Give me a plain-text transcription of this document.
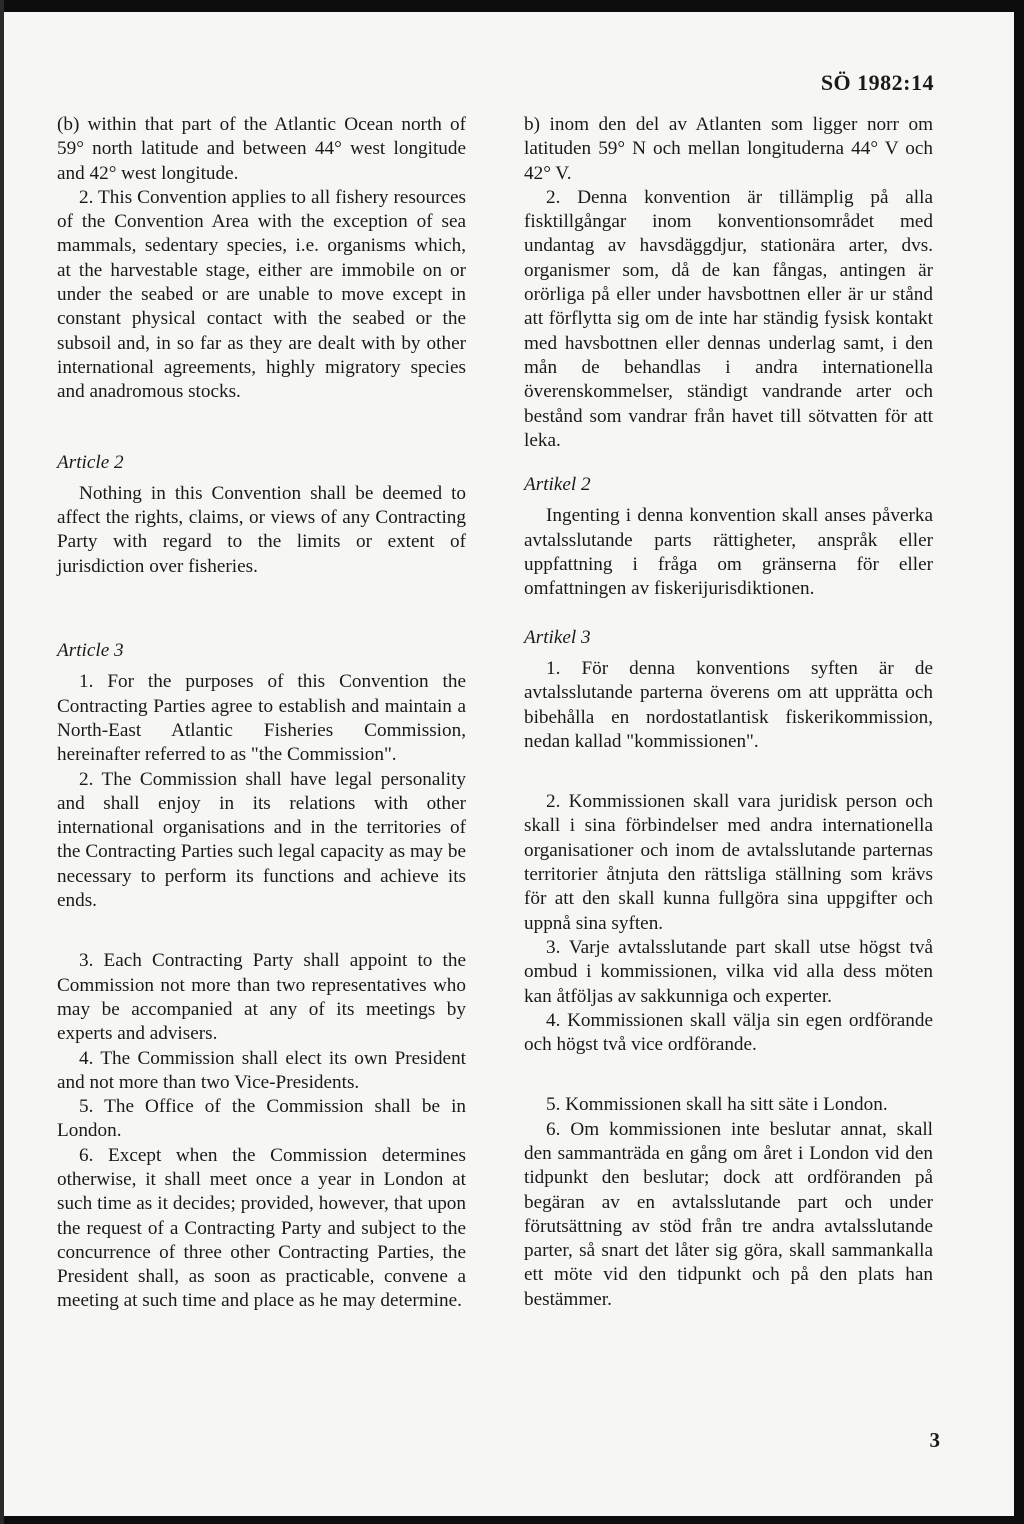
SÖ 1982:14

(b) within that part of the Atlantic Ocean north of 59° north latitude and between 44° west longitude and 42° west longitude.

2. This Convention applies to all fishery resources of the Convention Area with the exception of sea mammals, sedentary species, i.e. organisms which, at the harvestable stage, either are immobile on or under the seabed or are unable to move except in constant physical contact with the seabed or the subsoil and, in so far as they are dealt with by other international agreements, highly migratory species and anadromous stocks.

Article 2

Nothing in this Convention shall be deemed to affect the rights, claims, or views of any Contracting Party with regard to the limits or extent of jurisdiction over fisheries.

Article 3

1. For the purposes of this Convention the Contracting Parties agree to establish and maintain a North-East Atlantic Fisheries Commission, hereinafter referred to as "the Commission".

2. The Commission shall have legal personality and shall enjoy in its relations with other international organisations and in the territories of the Contracting Parties such legal capacity as may be necessary to perform its functions and achieve its ends.

3. Each Contracting Party shall appoint to the Commission not more than two representatives who may be accompanied at any of its meetings by experts and advisers.

4. The Commission shall elect its own President and not more than two Vice-Presidents.

5. The Office of the Commission shall be in London.

6. Except when the Commission determines otherwise, it shall meet once a year in London at such time as it decides; provided, however, that upon the request of a Contracting Party and subject to the concurrence of three other Contracting Parties, the President shall, as soon as practicable, convene a meeting at such time and place as he may determine.

b) inom den del av Atlanten som ligger norr om latituden 59° N och mellan longituderna 44° V och 42° V.

2. Denna konvention är tillämplig på alla fisktillgångar inom konventionsområdet med undantag av havsdäggdjur, stationära arter, dvs. organismer som, då de kan fångas, antingen är orörliga på eller under havsbottnen eller är ur stånd att förflytta sig om de inte har ständig fysisk kontakt med havsbottnen eller dennas underlag samt, i den mån de behandlas i andra internationella överenskommelser, ständigt vandrande arter och bestånd som vandrar från havet till sötvatten för att leka.

Artikel 2

Ingenting i denna konvention skall anses påverka avtalsslutande parts rättigheter, anspråk eller uppfattning i fråga om gränserna för eller omfattningen av fiskerijurisdiktionen.

Artikel 3

1. För denna konventions syften är de avtalsslutande parterna överens om att upprätta och bibehålla en nordostatlantisk fiskerikommission, nedan kallad "kommissionen".

2. Kommissionen skall vara juridisk person och skall i sina förbindelser med andra internationella organisationer och inom de avtalsslutande parternas territorier åtnjuta den rättsliga ställning som krävs för att den skall kunna fullgöra sina uppgifter och uppnå sina syften.

3. Varje avtalsslutande part skall utse högst två ombud i kommissionen, vilka vid alla dess möten kan åtföljas av sakkunniga och experter.

4. Kommissionen skall välja sin egen ordförande och högst två vice ordförande.

5. Kommissionen skall ha sitt säte i London.

6. Om kommissionen inte beslutar annat, skall den sammanträda en gång om året i London vid den tidpunkt den beslutar; dock att ordföranden på begäran av en avtalsslutande part och under förutsättning av stöd från tre andra avtalsslutande parter, så snart det låter sig göra, skall sammankalla ett möte vid den tidpunkt och på den plats han bestämmer.

3
